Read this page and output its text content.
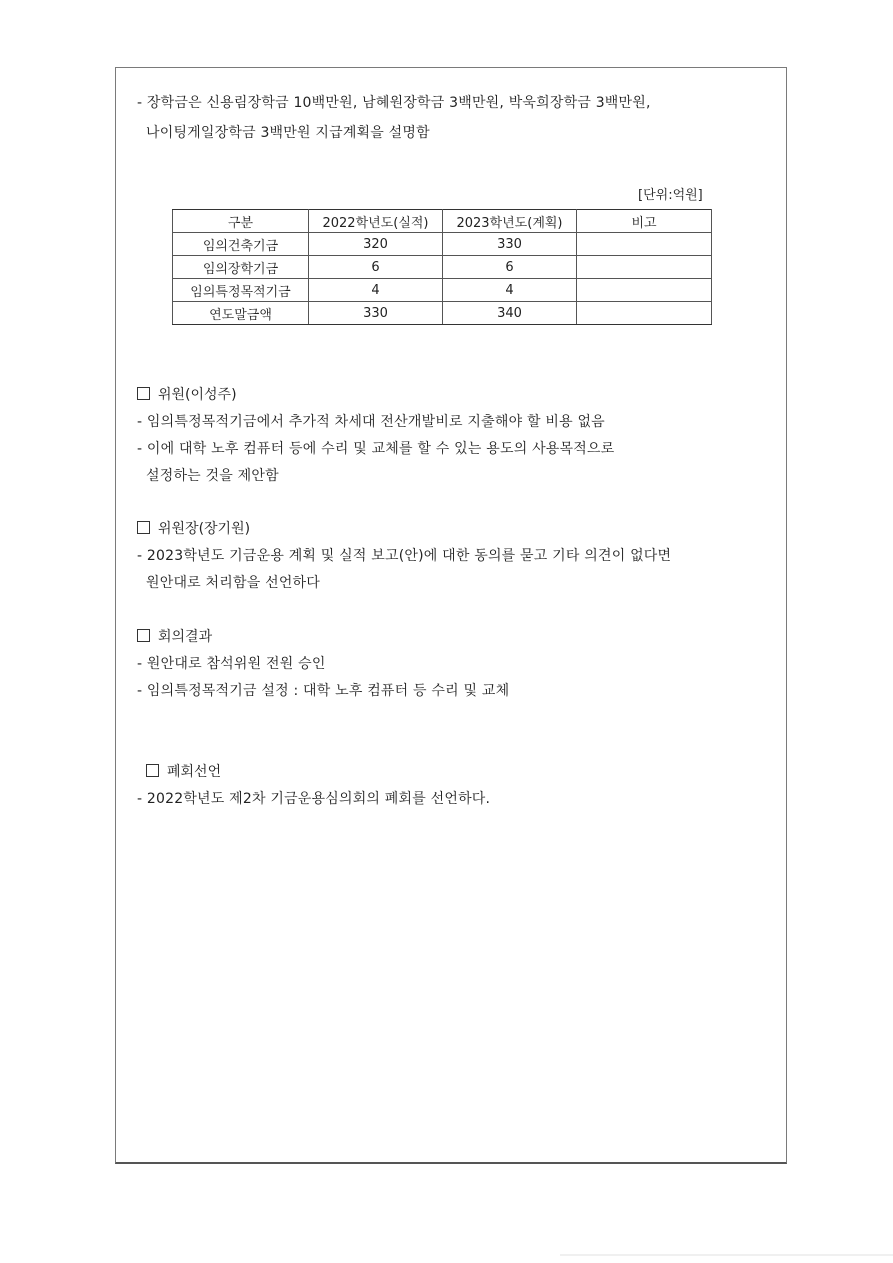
- 장학금은 신용림장학금 10백만원, 남혜원장학금 3백만원, 박욱희장학금 3백만원,
나이팅게일장학금 3백만원 지급계획을 설명함
[단위:억원]
구분	2022학년도(실적)	2023학년도(계획)	비고
임의건축기금	320	330	
임의장학기금	6	6	
임의특정목적기금	4	4	
연도말금액	330	340	
위원(이성주)
- 임의특정목적기금에서 추가적 차세대 전산개발비로 지출해야 할 비용 없음
- 이에 대학 노후 컴퓨터 등에 수리 및 교체를 할 수 있는 용도의 사용목적으로
설정하는 것을 제안함
위원장(장기원)
- 2023학년도 기금운용 계획 및 실적 보고(안)에 대한 동의를 묻고 기타 의견이 없다면
원안대로 처리함을 선언하다
회의결과
- 원안대로 참석위원 전원 승인
- 임의특정목적기금 설정 : 대학 노후 컴퓨터 등 수리 및 교체
폐회선언
- 2022학년도 제2차 기금운용심의회의 폐회를 선언하다.
